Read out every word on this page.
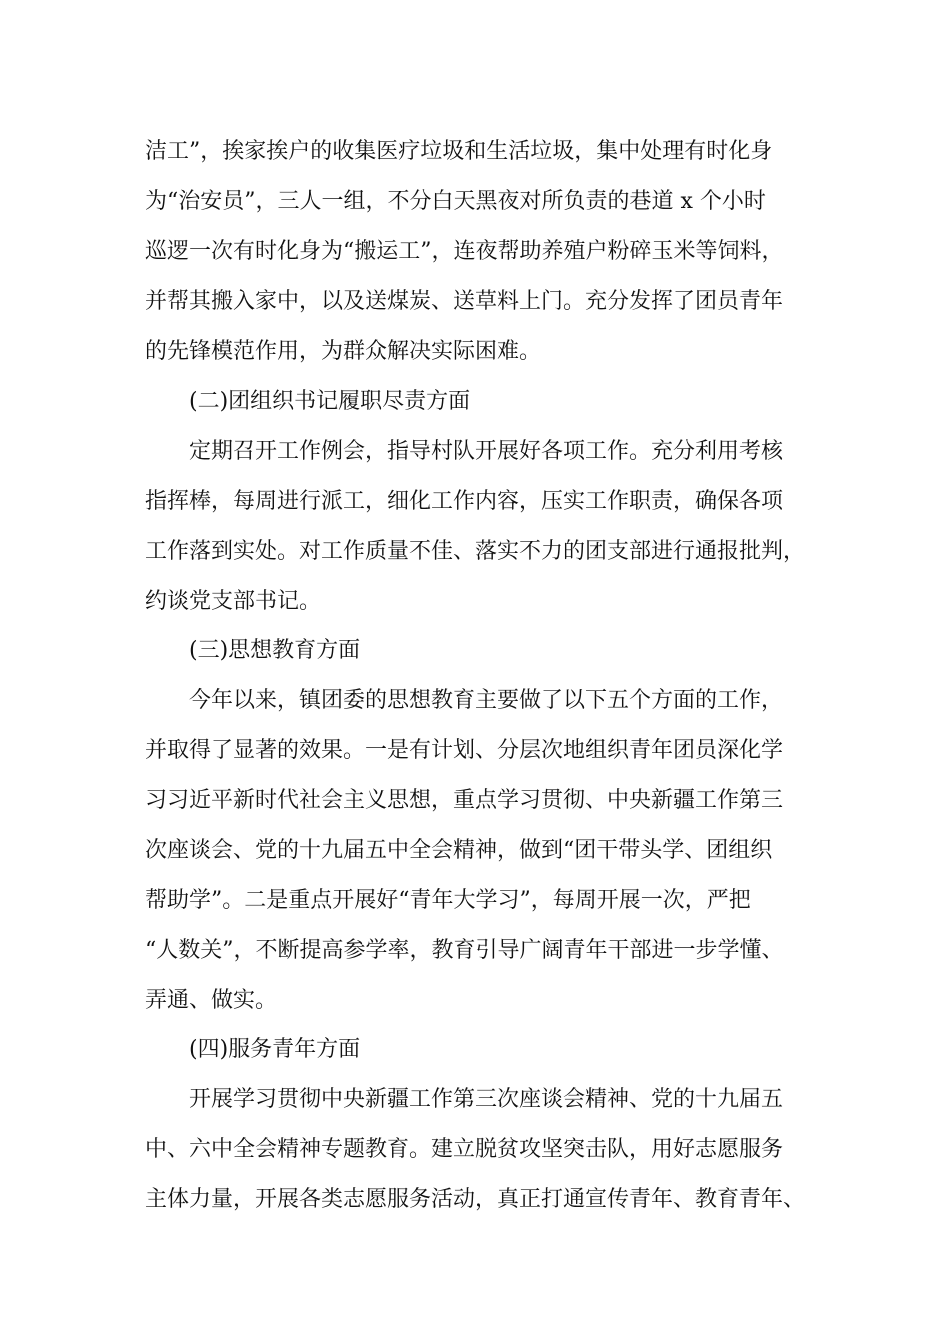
洁工”，挨家挨户的收集医疗垃圾和生活垃圾，集中处理有时化身
为“治安员”，三人一组，不分白天黑夜对所负责的巷道 x 个小时
巡逻一次有时化身为“搬运工”，连夜帮助养殖户粉碎玉米等饲料，
并帮其搬入家中，以及送煤炭、送草料上门。充分发挥了团员青年
的先锋模范作用，为群众解决实际困难。
(二)团组织书记履职尽责方面
定期召开工作例会，指导村队开展好各项工作。充分利用考核
指挥棒，每周进行派工，细化工作内容，压实工作职责，确保各项
工作落到实处。对工作质量不佳、落实不力的团支部进行通报批判，
约谈党支部书记。
(三)思想教育方面
今年以来，镇团委的思想教育主要做了以下五个方面的工作，
并取得了显著的效果。一是有计划、分层次地组织青年团员深化学
习习近平新时代社会主义思想，重点学习贯彻、中央新疆工作第三
次座谈会、党的十九届五中全会精神，做到“团干带头学、团组织
帮助学”。二是重点开展好“青年大学习”，每周开展一次，严把
“人数关”，不断提高参学率，教育引导广阔青年干部进一步学懂、
弄通、做实。
(四)服务青年方面
开展学习贯彻中央新疆工作第三次座谈会精神、党的十九届五
中、六中全会精神专题教育。建立脱贫攻坚突击队，用好志愿服务
主体力量，开展各类志愿服务活动，真正打通宣传青年、教育青年、
